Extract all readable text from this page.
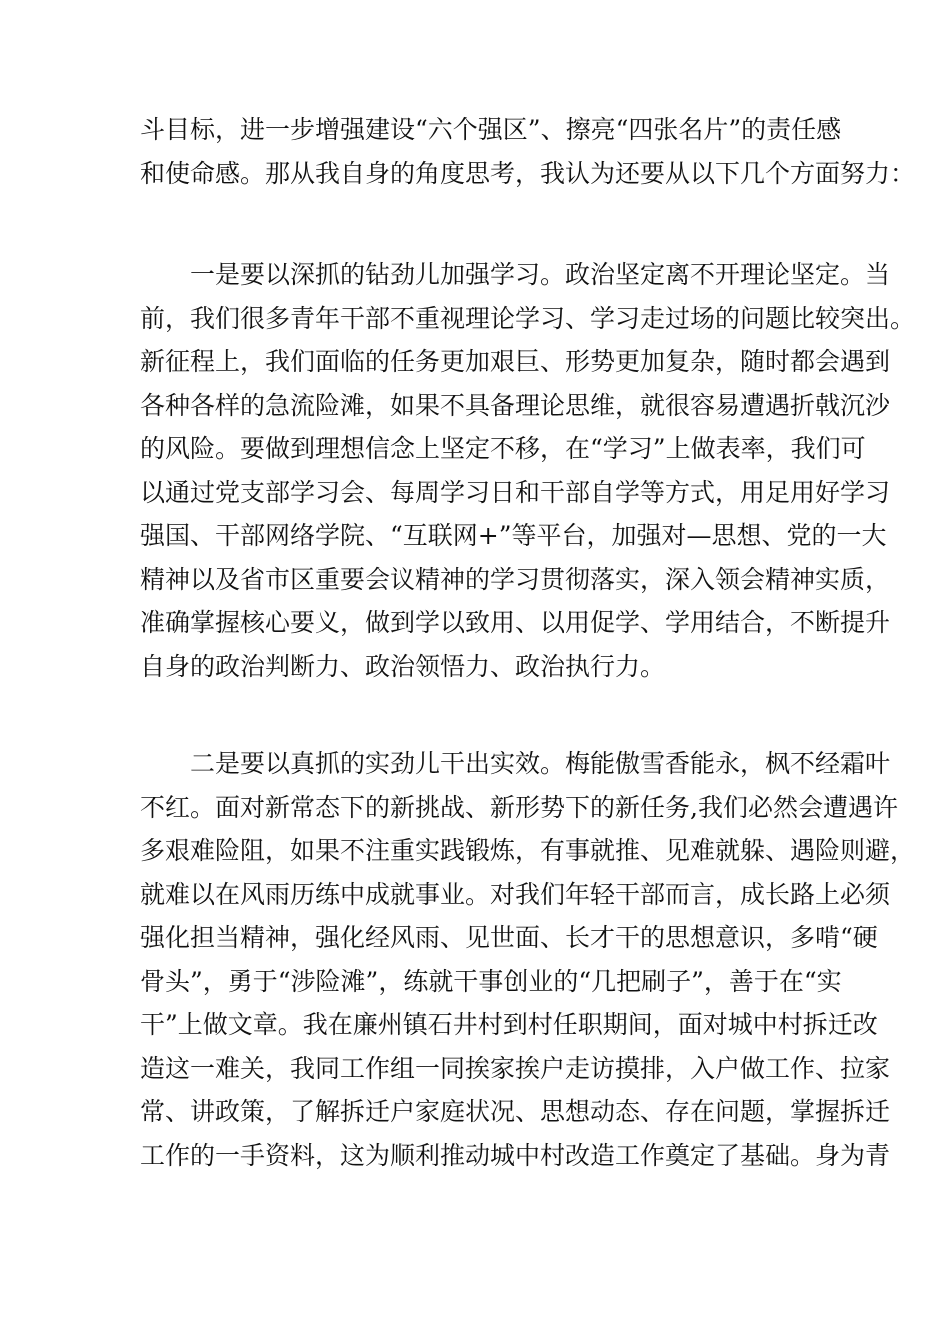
斗目标，进一步增强建设“六个强区”、擦亮“四张名片”的责任感
和使命感。那从我自身的角度思考，我认为还要从以下几个方面努力：
一是要以深抓的钻劲儿加强学习。政治坚定离不开理论坚定。当
前，我们很多青年干部不重视理论学习、学习走过场的问题比较突出。
新征程上，我们面临的任务更加艰巨、形势更加复杂，随时都会遇到
各种各样的急流险滩，如果不具备理论思维，就很容易遭遇折戟沉沙
的风险。要做到理想信念上坚定不移，在“学习”上做表率，我们可
以通过党支部学习会、每周学习日和干部自学等方式，用足用好学习
强国、干部网络学院、“互联网+”等平台，加强对—思想、党的一大
精神以及省市区重要会议精神的学习贯彻落实，深入领会精神实质，
准确掌握核心要义，做到学以致用、以用促学、学用结合，不断提升
自身的政治判断力、政治领悟力、政治执行力。
二是要以真抓的实劲儿干出实效。梅能傲雪香能永，枫不经霜叶
不红。面对新常态下的新挑战、新形势下的新任务,我们必然会遭遇许
多艰难险阻，如果不注重实践锻炼，有事就推、见难就躲、遇险则避，
就难以在风雨历练中成就事业。对我们年轻干部而言，成长路上必须
强化担当精神，强化经风雨、见世面、长才干的思想意识，多啃“硬
骨头”，勇于“涉险滩”，练就干事创业的“几把刷子”，善于在“实
干”上做文章。我在廉州镇石井村到村任职期间，面对城中村拆迁改
造这一难关，我同工作组一同挨家挨户走访摸排，入户做工作、拉家
常、讲政策，了解拆迁户家庭状况、思想动态、存在问题，掌握拆迁
工作的一手资料，这为顺利推动城中村改造工作奠定了基础。身为青
